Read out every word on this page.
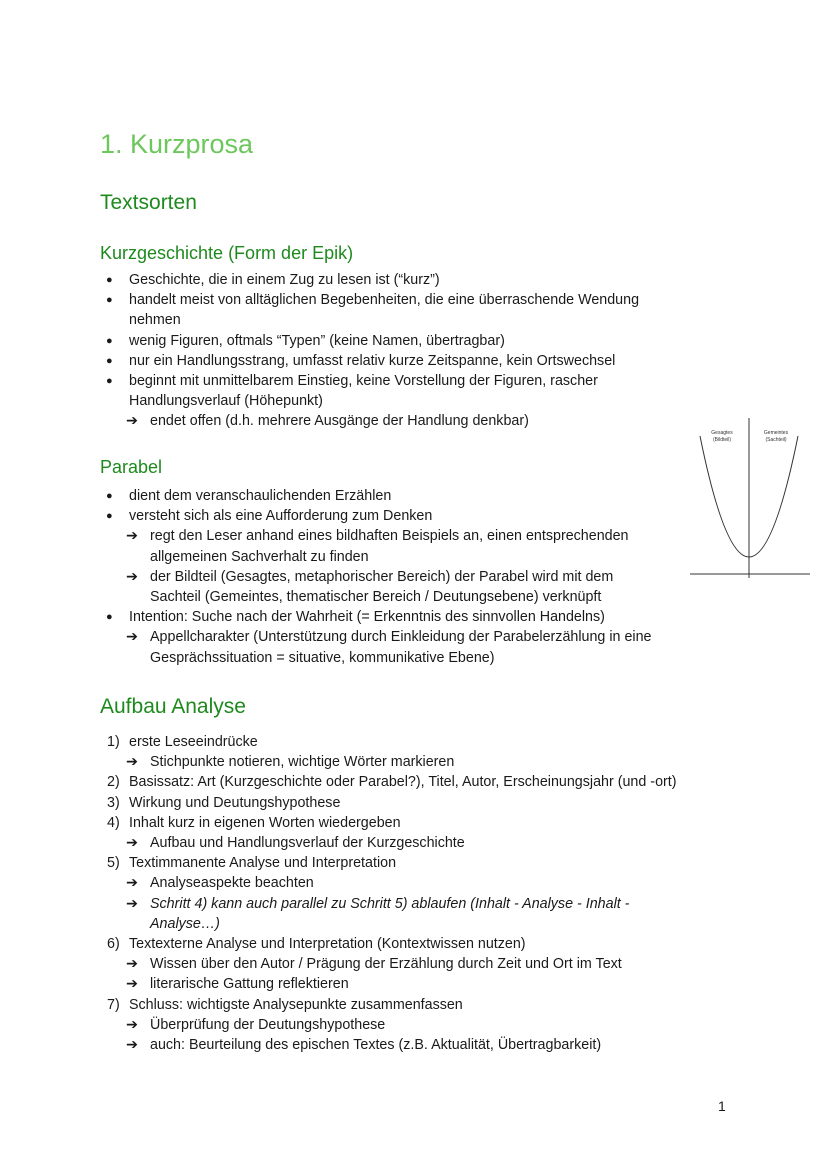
1. Kurzprosa
Textsorten
Kurzgeschichte (Form der Epik)
● Geschichte, die in einem Zug zu lesen ist (“kurz”)
● handelt meist von alltäglichen Begebenheiten, die eine überraschende Wendung
nehmen
● wenig Figuren, oftmals “Typen” (keine Namen, übertragbar)
● nur ein Handlungsstrang, umfasst relativ kurze Zeitspanne, kein Ortswechsel
● beginnt mit unmittelbarem Einstieg, keine Vorstellung der Figuren, rascher
Handlungsverlauf (Höhepunkt)
➔ endet offen (d.h. mehrere Ausgänge der Handlung denkbar)
Parabel
● dient dem veranschaulichenden Erzählen
● versteht sich als eine Aufforderung zum Denken
➔ regt den Leser anhand eines bildhaften Beispiels an, einen entsprechenden
allgemeinen Sachverhalt zu finden
➔ der Bildteil (Gesagtes, metaphorischer Bereich) der Parabel wird mit dem
Sachteil (Gemeintes, thematischer Bereich / Deutungsebene) verknüpft
● Intention: Suche nach der Wahrheit (= Erkenntnis des sinnvollen Handelns)
➔ Appellcharakter (Unterstützung durch Einkleidung der Parabelerzählung in eine
Gesprächssituation = situative, kommunikative Ebene)
Gesagtes
(Bildteil)
Gemeintes
(Sachteil)
Aufbau Analyse
1) erste Leseeindrücke
➔ Stichpunkte notieren, wichtige Wörter markieren
2) Basissatz: Art (Kurzgeschichte oder Parabel?), Titel, Autor, Erscheinungsjahr (und -ort)
3) Wirkung und Deutungshypothese
4) Inhalt kurz in eigenen Worten wiedergeben
➔ Aufbau und Handlungsverlauf der Kurzgeschichte
5) Textimmanente Analyse und Interpretation
➔ Analyseaspekte beachten
➔ Schritt 4) kann auch parallel zu Schritt 5) ablaufen (Inhalt - Analyse - Inhalt -
Analyse…)
6) Textexterne Analyse und Interpretation (Kontextwissen nutzen)
➔ Wissen über den Autor / Prägung der Erzählung durch Zeit und Ort im Text
➔ literarische Gattung reflektieren
7) Schluss: wichtigste Analysepunkte zusammenfassen
➔ Überprüfung der Deutungshypothese
➔ auch: Beurteilung des epischen Textes (z.B. Aktualität, Übertragbarkeit)
1
